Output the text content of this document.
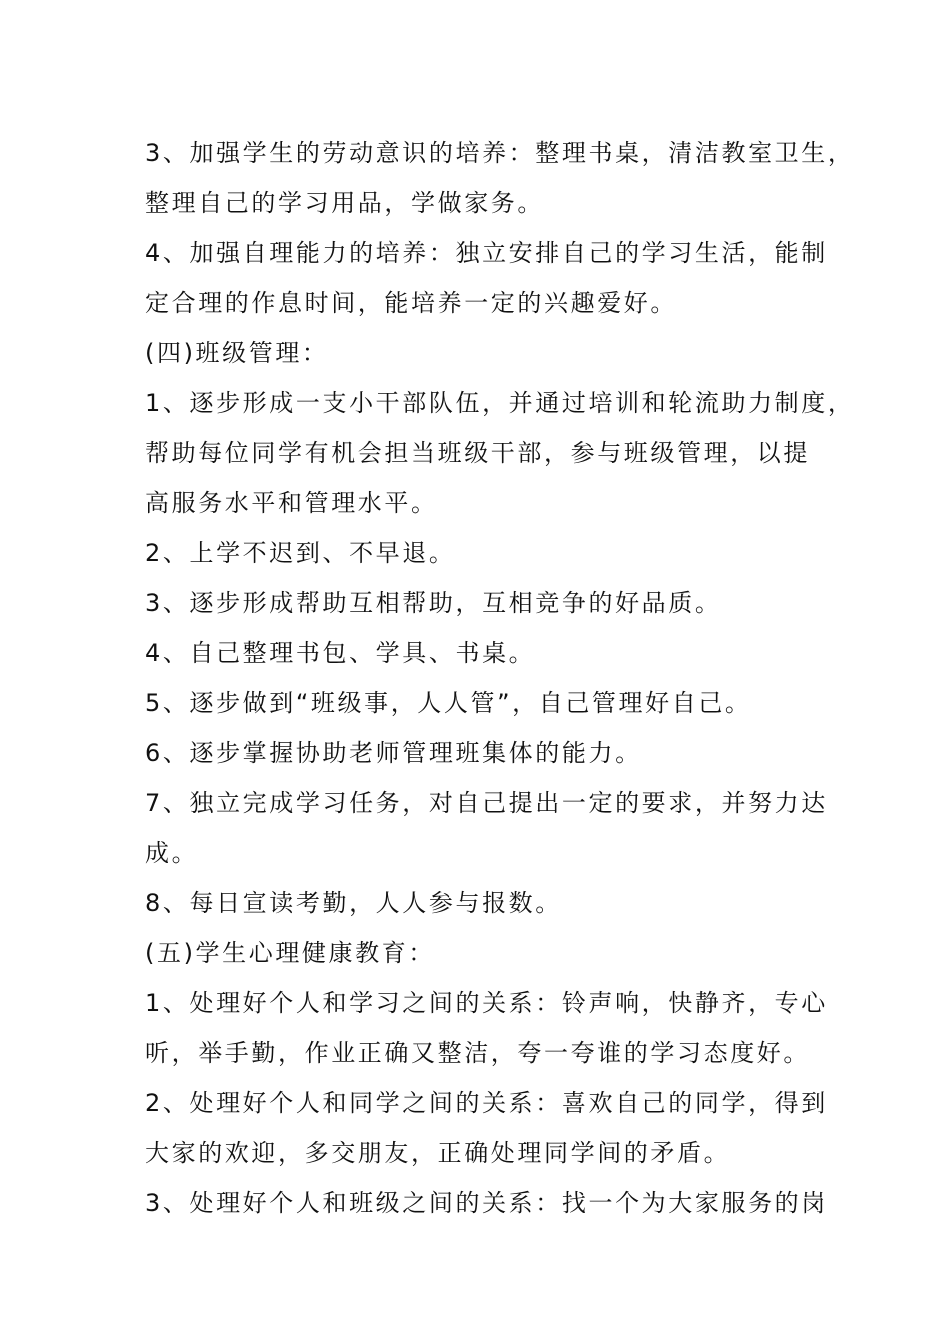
3、加强学生的劳动意识的培养：整理书桌，清洁教室卫生，

整理自己的学习用品，学做家务。

4、加强自理能力的培养：独立安排自己的学习生活，能制

定合理的作息时间，能培养一定的兴趣爱好。

(四)班级管理：

1、逐步形成一支小干部队伍，并通过培训和轮流助力制度，

帮助每位同学有机会担当班级干部，参与班级管理，以提

高服务水平和管理水平。

2、上学不迟到、不早退。

3、逐步形成帮助互相帮助，互相竞争的好品质。

4、自己整理书包、学具、书桌。

5、逐步做到“班级事，人人管”，自己管理好自己。

6、逐步掌握协助老师管理班集体的能力。

7、独立完成学习任务，对自己提出一定的要求，并努力达

成。

8、每日宣读考勤，人人参与报数。

(五)学生心理健康教育：

1、处理好个人和学习之间的关系：铃声响，快静齐，专心

听，举手勤，作业正确又整洁，夸一夸谁的学习态度好。

2、处理好个人和同学之间的关系：喜欢自己的同学，得到

大家的欢迎，多交朋友，正确处理同学间的矛盾。

3、处理好个人和班级之间的关系：找一个为大家服务的岗
